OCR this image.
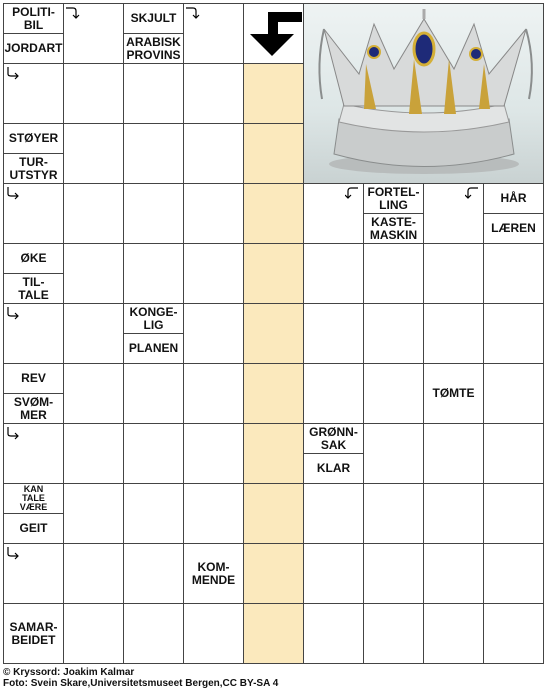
POLITI-
BIL
JORDART
SKJULT
ARABISK
PROVINS
STØYER
TUR-
UTSTYR
FORTEL-
LING
KASTE-
MASKIN
HÅR
LÆREN
ØKE
TIL-
TALE
KONGE-
LIG
PLANEN
REV
SVØM-
MER
TØMTE
GRØNN-
SAK
KLAR
KAN
TALE
VÆRE
GEIT
KOM-
MENDE
SAMAR-
BEIDET
© Kryssord: Joakim Kalmar
Foto: Svein Skare,Universitetsmuseet Bergen,CC BY-SA 4
